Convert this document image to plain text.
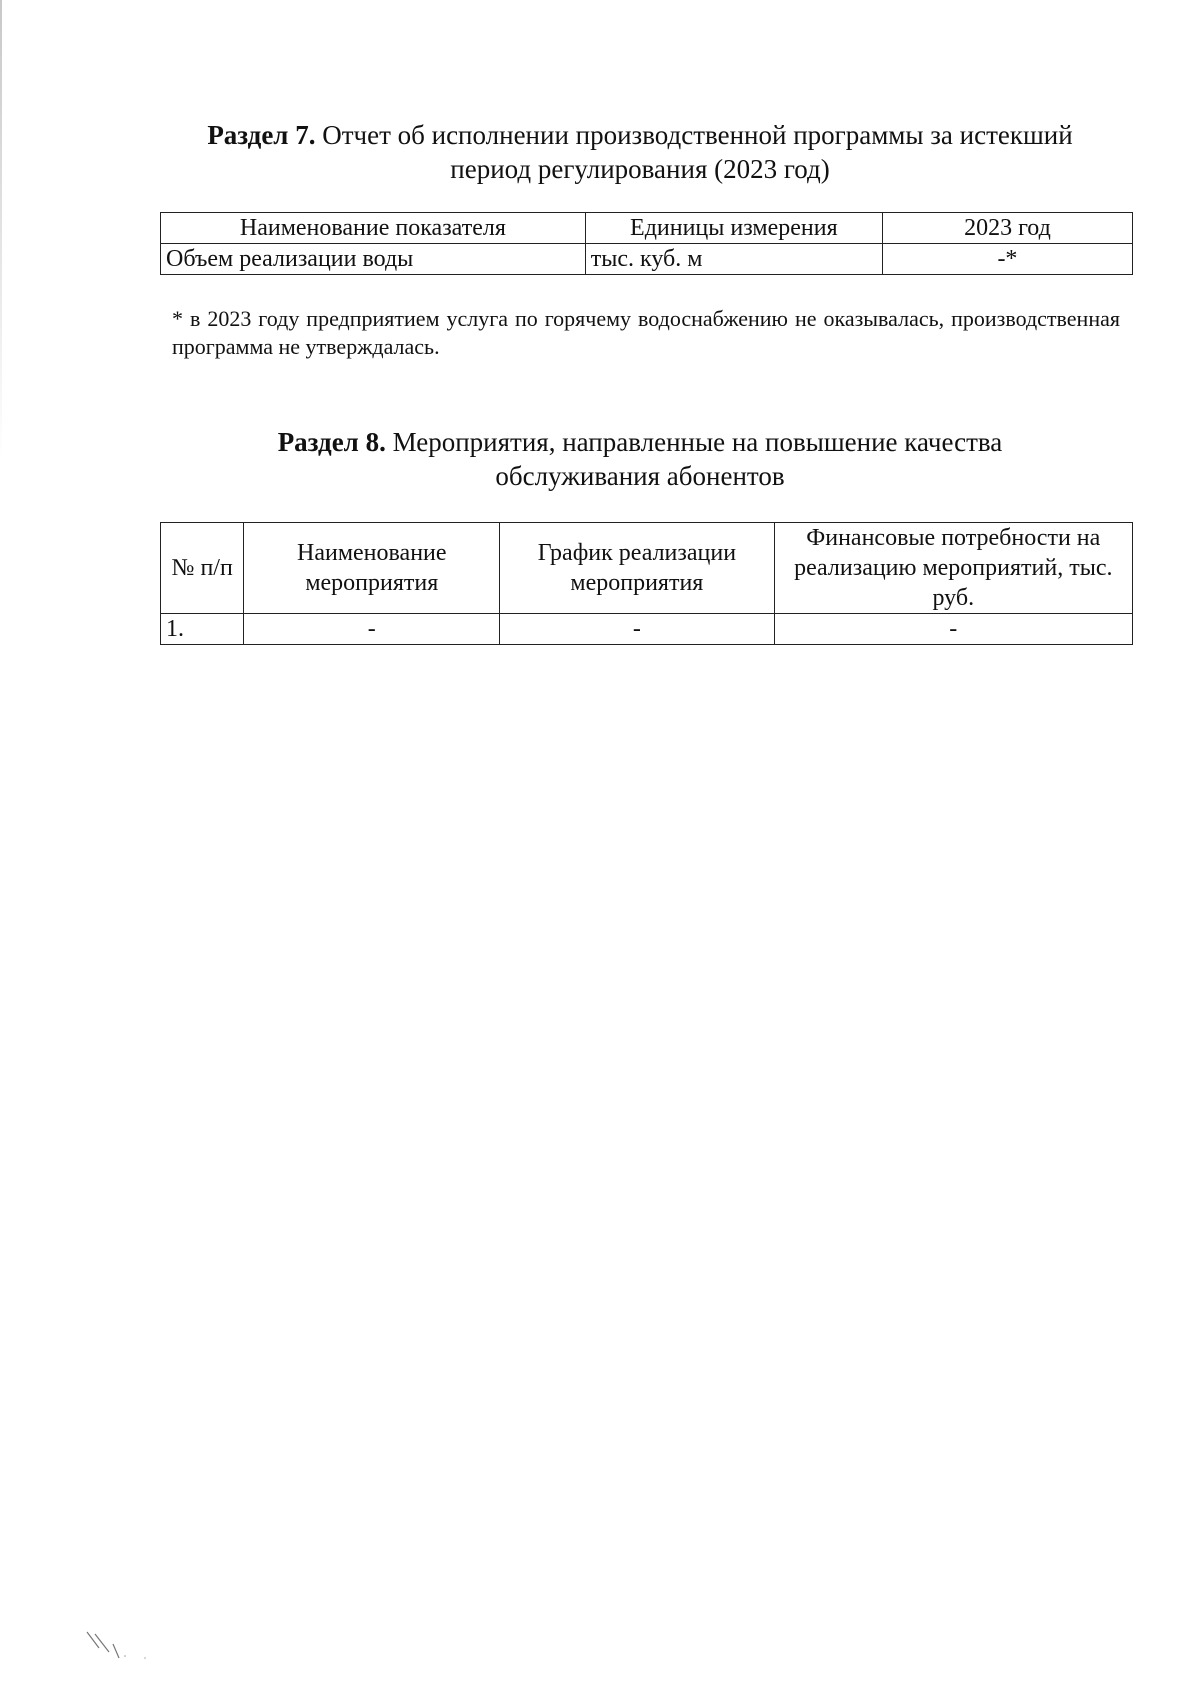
Раздел 7. Отчет об исполнении производственной программы за истекший
период регулирования (2023 год)
Наименование показателя	Единицы измерения	2023 год
Объем реализации воды	тыс. куб. м	-*
* в 2023 году предприятием услуга по горячему водоснабжению не оказывалась, производственная программа не утверждалась.
Раздел 8. Мероприятия, направленные на повышение качества
обслуживания абонентов
№ п/п	Наименование мероприятия	График реализации мероприятия	Финансовые потребности на реализацию мероприятий, тыс. руб.
1.	-	-	-
